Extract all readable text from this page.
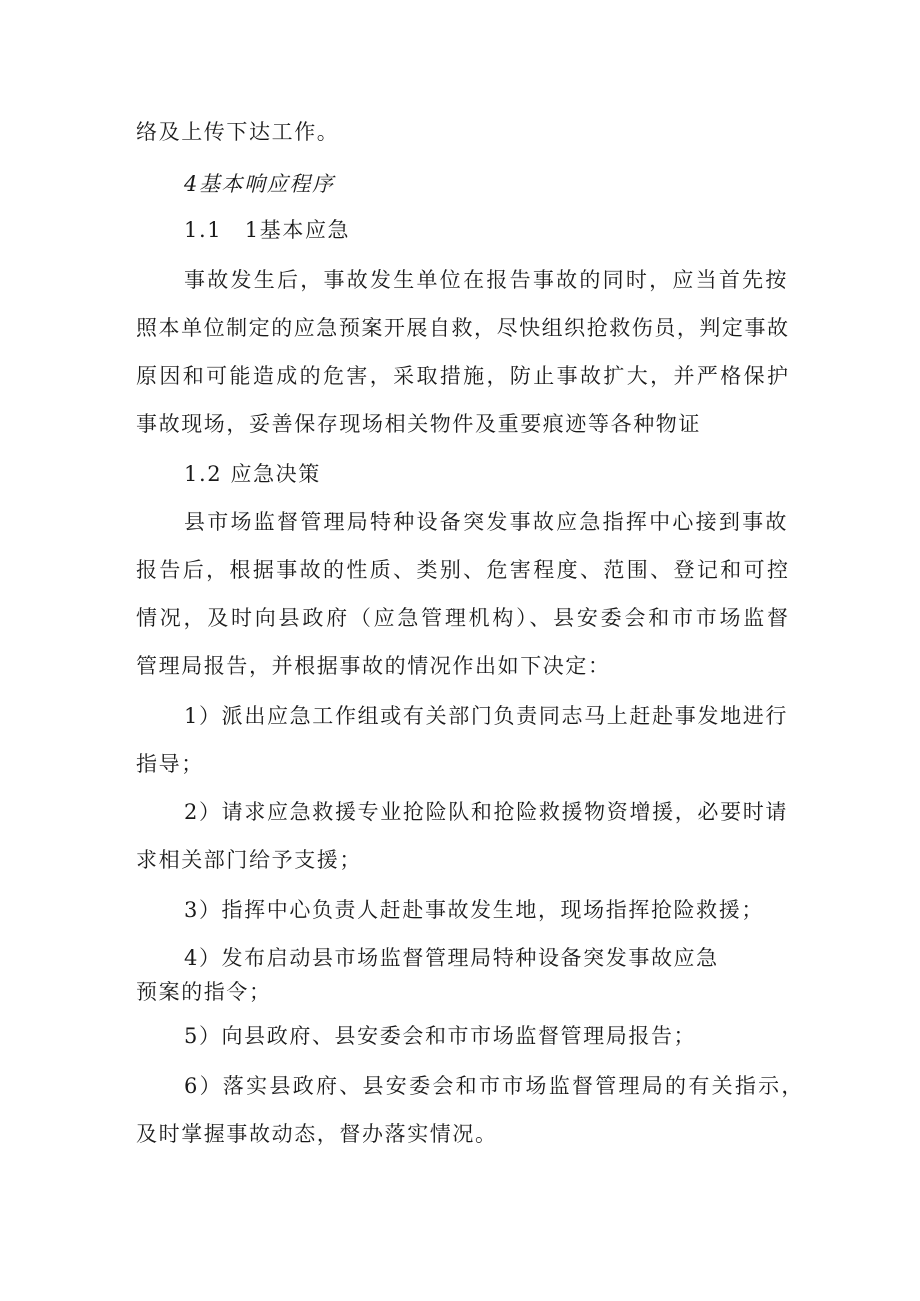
络及上传下达工作。
4基本响应程序
1.1　1基本应急
事故发生后，事故发生单位在报告事故的同时，应当首先按
照本单位制定的应急预案开展自救，尽快组织抢救伤员，判定事故
原因和可能造成的危害，采取措施，防止事故扩大，并严格保护
事故现场，妥善保存现场相关物件及重要痕迹等各种物证
1.2 应急决策
县市场监督管理局特种设备突发事故应急指挥中心接到事故
报告后，根据事故的性质、类别、危害程度、范围、登记和可控
情况，及时向县政府（应急管理机构）、县安委会和市市场监督
管理局报告，并根据事故的情况作出如下决定：
1）派出应急工作组或有关部门负责同志马上赶赴事发地进行
指导；
2）请求应急救援专业抢险队和抢险救援物资增援，必要时请
求相关部门给予支援；
3）指挥中心负责人赶赴事故发生地，现场指挥抢险救援；
4）发布启动县市场监督管理局特种设备突发事故应急
预案的指令；
5）向县政府、县安委会和市市场监督管理局报告；
6）落实县政府、县安委会和市市场监督管理局的有关指示，
及时掌握事故动态，督办落实情况。
